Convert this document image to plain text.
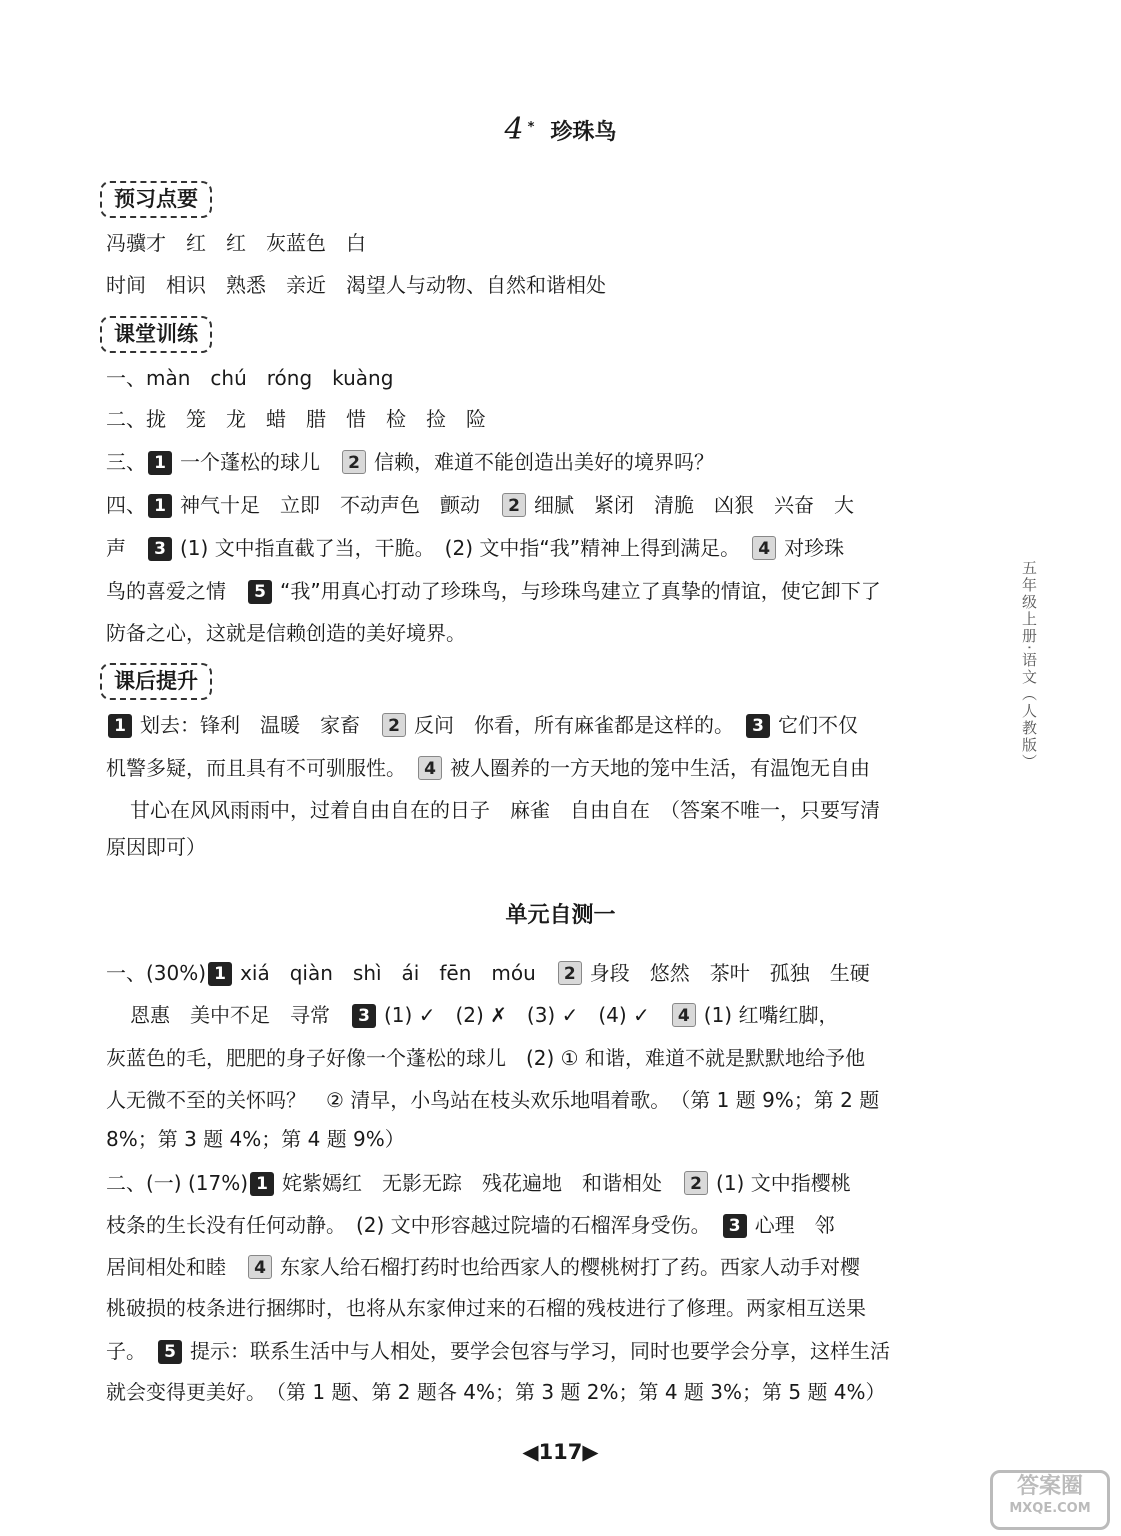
4 * 珍珠鸟
预习点要
冯骥才　红　红　灰蓝色　白
时间　相识　熟悉　亲近　渴望人与动物、自然和谐相处
课堂训练
一、màn　chú　róng　kuàng
二、拢　笼　龙　蜡　腊　惜　检　捡　险
三、 1 一个蓬松的球儿　2 信赖，难道不能创造出美好的境界吗？
四、 1 神气十足　立即　不动声色　颤动　2 细腻　紧闭　清脆　凶狠　兴奋　大
声　3 (1) 文中指直截了当，干脆。　(2) 文中指“我”精神上得到满足。　4 对珍珠
鸟的喜爱之情　5 “我”用真心打动了珍珠鸟，与珍珠鸟建立了真挚的情谊，使它卸下了
防备之心，这就是信赖创造的美好境界。
课后提升
1 划去：锋利　温暖　家畜　2 反问　你看，所有麻雀都是这样的。　3 它们不仅
机警多疑，而且具有不可驯服性。　4 被人圈养的一方天地的笼中生活，有温饱无自由
甘心在风风雨雨中，过着自由自在的日子　麻雀　自由自在　（答案不唯一，只要写清
原因即可）
单元自测一
一、(30%) 1 xiá　qiàn　shì　ái　fēn　móu　2 身段　悠然　茶叶　孤独　生硬
恩惠　美中不足　寻常　3 (1) ✓　(2) ✗　(3) ✓　(4) ✓　4 (1) 红嘴红脚，
灰蓝色的毛，肥肥的身子好像一个蓬松的球儿　(2) ① 和谐，难道不就是默默地给予他
人无微不至的关怀吗？　② 清早，小鸟站在枝头欢乐地唱着歌。　（第 1 题 9%；第 2 题
8%；第 3 题 4%；第 4 题 9%）
二、(一) (17%) 1 姹紫嫣红　无影无踪　残花遍地　和谐相处　2 (1) 文中指樱桃
枝条的生长没有任何动静。　(2) 文中形容越过院墙的石榴浑身受伤。　3 心理　邻
居间相处和睦　4 东家人给石榴打药时也给西家人的樱桃树打了药。西家人动手对樱
桃破损的枝条进行捆绑时，也将从东家伸过来的石榴的残枝进行了修理。两家相互送果
子。　5 提示：联系生活中与人相处，要学会包容与学习，同时也要学会分享，这样生活
就会变得更美好。　（第 1 题、第 2 题各 4%；第 3 题 2%；第 4 题 3%；第 5 题 4%）
◀117▶
五年级上册·语文（人教版）
答案圈
MXQE.COM
